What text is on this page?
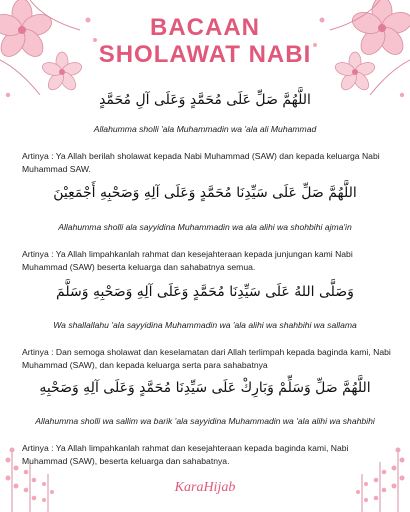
BACAAN
SHOLAWAT NABI
اللَّهُمَّ صَلِّ عَلَى مُحَمَّدٍ وَعَلَى آلِ مُحَمَّدٍ
Allahumma sholli 'ala Muhammadin wa 'ala ali Muhammad
Artinya : Ya Allah berilah sholawat kepada Nabi Muhammad (SAW) dan kepada keluarga Nabi Muhammad SAW.
اللَّهُمَّ صَلِّ عَلَى سَيِّدِنَا مُحَمَّدٍ وَعَلَى آلِهِ وَصَحْبِهِ أَجْمَعِيْنَ
Allahumma sholli ala sayyidina Muhammadin wa ala alihi wa shohbihi ajma'in
Artinya : Ya Allah limpahkanlah rahmat dan kesejahteraan kepada junjungan kami Nabi Muhammad (SAW) beserta keluarga dan sahabatnya semua.
وَصَلَّى اللهُ عَلَى سَيِّدِنَا مُحَمَّدٍ وَعَلَى آلِهِ وَصَحْبِهِ وَسَلَّمَ
Wa shallallahu 'ala sayyidina Muhammadin wa 'ala alihi wa shahbihi wa sallama
Artinya : Dan semoga sholawat dan keselamatan dari Allah terlimpah kepada baginda kami, Nabi Muhammad (SAW), dan kepada keluarga serta para sahabatnya
اللَّهُمَّ صَلِّ وَسَلِّمْ وَبَارِكْ عَلَى سَيِّدِنَا مُحَمَّدٍ وَعَلَى آلِهِ وَصَحْبِهِ
Allahumma sholli wa sallim wa barik 'ala sayyidina Muhammadin wa 'ala alihi wa shahbihi
Artinya : Ya Allah limpahkanlah rahmat dan kesejahteraan kepada baginda kami, Nabi Muhammad (SAW), beserta keluarga dan sahabatnya.
KaraHijab
